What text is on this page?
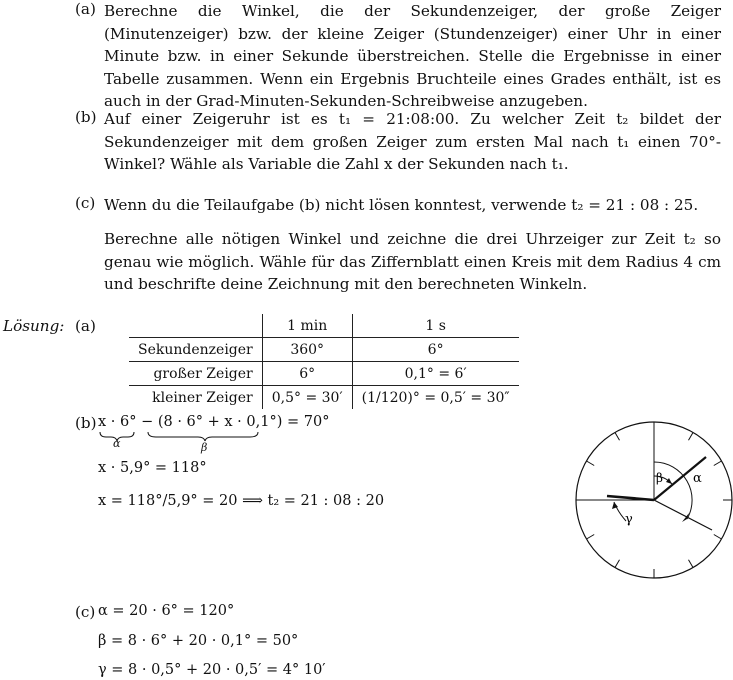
(a) Berechne die Winkel, die der Sekundenzeiger, der große Zeiger (Minutenzeiger) bzw. der kleine Zeiger (Stundenzeiger) einer Uhr in einer Minute bzw. in einer Sekunde überstreichen. Stelle die Ergebnisse in einer Tabelle zusammen. Wenn ein Ergebnis Bruchteile eines Grades enthält, ist es auch in der Grad-Minuten-Sekunden-Schreibweise anzugeben.
(b) Auf einer Zeigeruhr ist es t₁ = 21:08:00. Zu welcher Zeit t₂ bildet der Sekundenzeiger mit dem großen Zeiger zum ersten Mal nach t₁ einen 70°-Winkel? Wähle als Variable die Zahl x der Sekunden nach t₁.
(c) Wenn du die Teilaufgabe (b) nicht lösen konntest, verwende t₂ = 21 : 08 : 25.
Berechne alle nötigen Winkel und zeichne die drei Uhrzeiger zur Zeit t₂ so genau wie möglich. Wähle für das Ziffernblatt einen Kreis mit dem Radius 4 cm und beschrifte deine Zeichnung mit den berechneten Winkeln.
Lösung: (a)
		1 min	1 s
Sekundenzeiger	360°	6°
großer Zeiger	6°	0,1° = 6′
kleiner Zeiger	0,5° = 30′	(1/120)° = 0,5′ = 30″
(b) x · 6° − (8 · 6° + x · 0,1°) = 70°
α	β
x · 5,9° = 118°
x = 118°/5,9° = 20 ⟹ t₂ = 21 : 08 : 20
β α
γ
(c) α = 20 · 6° = 120°
β = 8 · 6° + 20 · 0,1° = 50°
γ = 8 · 0,5° + 20 · 0,5′ = 4° 10′
